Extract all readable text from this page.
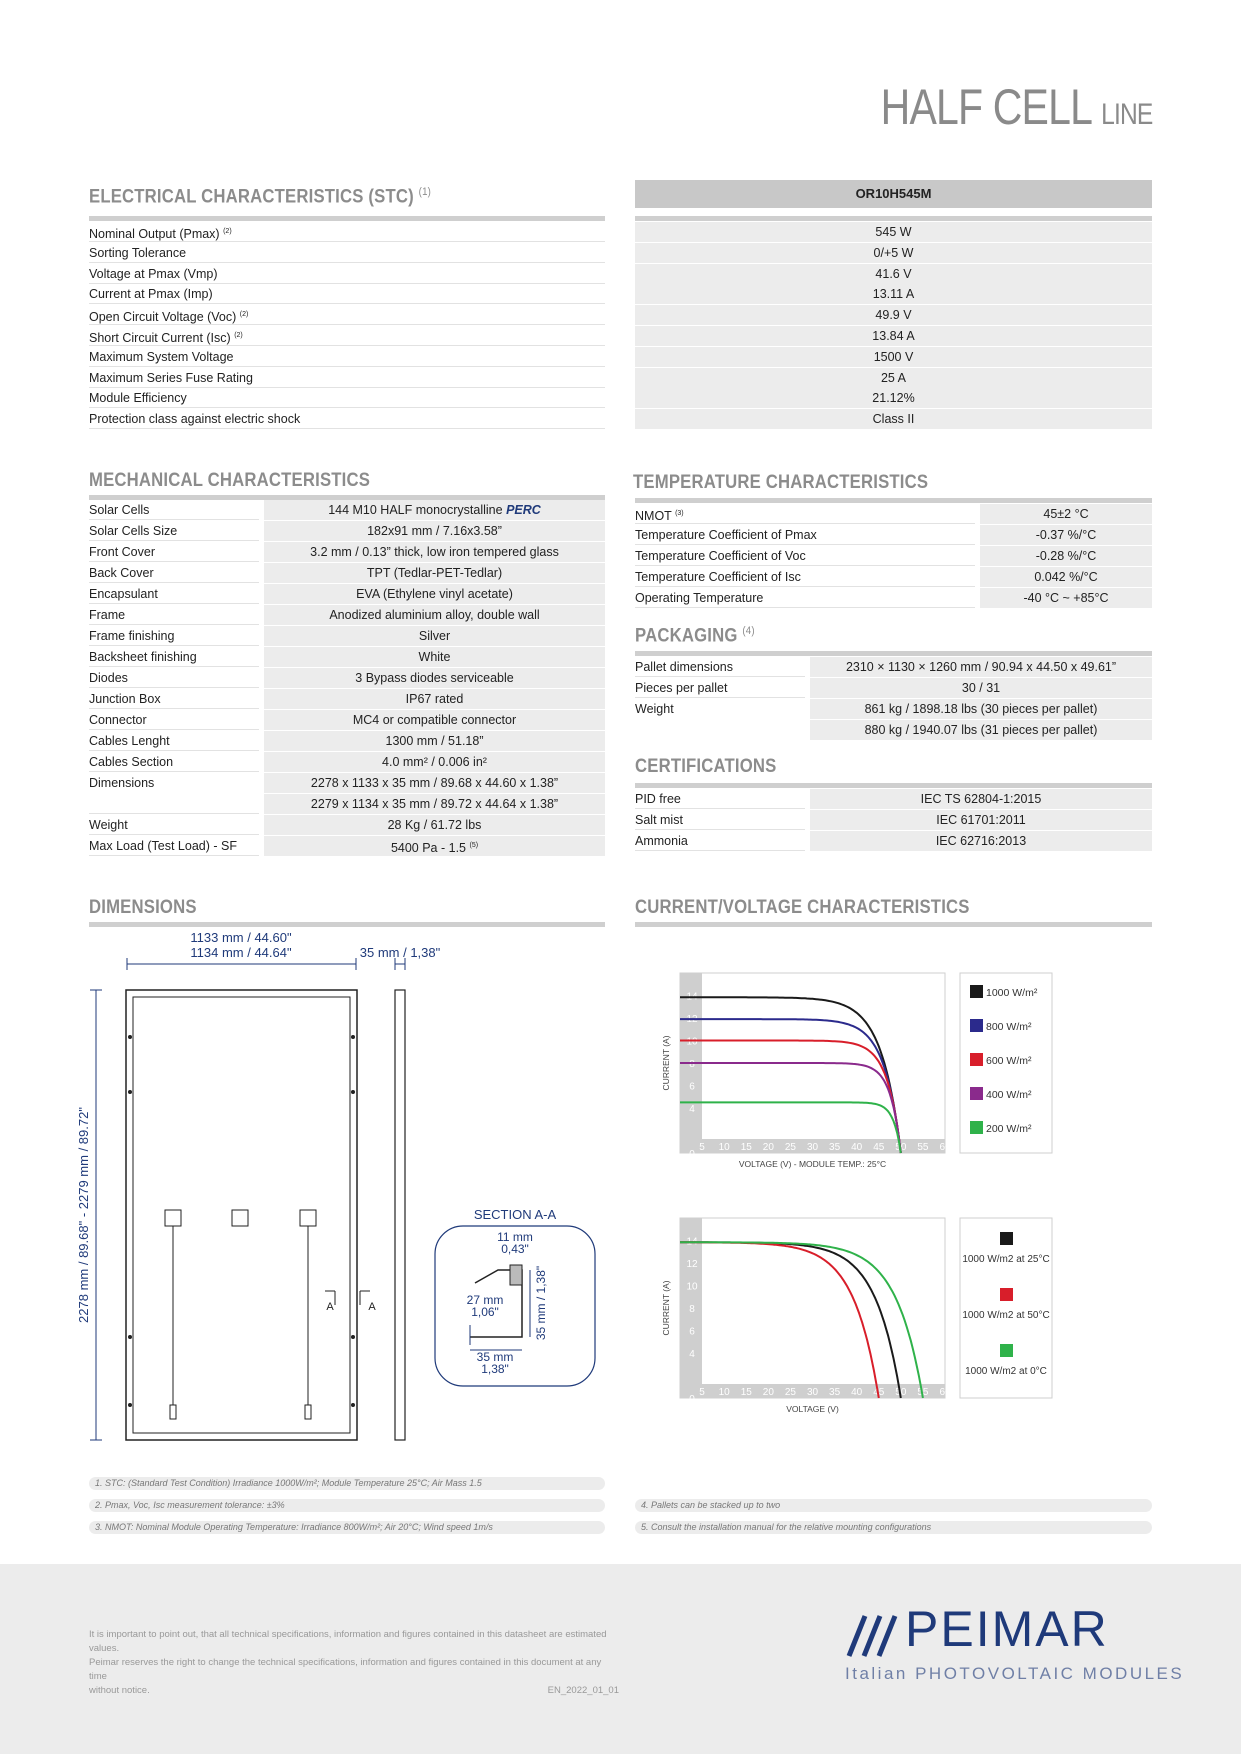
HALF CELL LINE
ELECTRICAL CHARACTERISTICS (STC) $^{(1)}$	OR10H545M
Nominal Output (Pmax) $^{(2)}$	545 W
Sorting Tolerance	0/+5 W
Voltage at Pmax (Vmp)	41.6 V
Current at Pmax (Imp)	13.11 A
Open Circuit Voltage (Voc) $^{(2)}$	49.9 V
Short Circuit Current (Isc) $^{(2)}$	13.84 A
Maximum System Voltage	1500 V
Maximum Series Fuse Rating	25 A
Module Efficiency	21.12%
Protection class against electric shock	Class II
MECHANICAL CHARACTERISTICS
Solar Cells	144 M10 HALF monocrystalline PERC
Solar Cells Size	182x91 mm / 7.16x3.58”
Front Cover	3.2 mm / 0.13” thick, low iron tempered glass
Back Cover	TPT (Tedlar-PET-Tedlar)
Encapsulant	EVA (Ethylene vinyl acetate)
Frame	Anodized aluminium alloy, double wall
Frame finishing	Silver
Backsheet finishing	White
Diodes	3 Bypass diodes serviceable
Junction Box	IP67 rated
Connector	MC4 or compatible connector
Cables Lenght	1300 mm / 51.18”
Cables Section	4.0 mm² / 0.006 in²
Dimensions	2278 x 1133 x 35 mm / 89.68 x 44.60 x 1.38”
2279 x 1134 x 35 mm / 89.72 x 44.64 x 1.38”
Weight	28 Kg / 61.72 lbs
Max Load (Test Load) - SF	5400 Pa - 1.5 $^{(5)}$
TEMPERATURE CHARACTERISTICS
NMOT $^{(3)}$	45±2 °C
Temperature Coefficient of Pmax	-0.37 %/°C
Temperature Coefficient of Voc	-0.28 %/°C
Temperature Coefficient of Isc	0.042 %/°C
Operating Temperature	-40 °C ~ +85°C
PACKAGING $^{(4)}$
Pallet dimensions	2310 × 1130 × 1260 mm / 90.94 x 44.50 x 49.61”
Pieces per pallet	30 / 31
Weight	861 kg / 1898.18 lbs (30 pieces per pallet)
880 kg / 1940.07 lbs (31 pieces per pallet)
CERTIFICATIONS
PID free	IEC TS 62804-1:2015
Salt mist	IEC 61701:2011
Ammonia	IEC 62716:2013
DIMENSIONS
1133 mm / 44.60"
1134 mm / 44.64"	35 mm / 1,38"
2278 mm / 89.68" - 2279 mm / 89.72"	A	A
SECTION A-A
11 mm
0,43"
27 mm
1,06"
35 mm
1,38"
35 mm / 1,38"
CURRENT/VOLTAGE CHARACTERISTICS
0
4
6
8
10
12
14
5 10 15 20 25 30 35 40 45 50 55 60
VOLTAGE (V) - MODULE TEMP.: 25°C
CURRENT (A)
1000 W/m²
800 W/m²
600 W/m²
400 W/m²
200 W/m²
0
4
6
8
10
12
14
5 10 15 20 25 30 35 40 45 50 55 60
VOLTAGE (V)
CURRENT (A)
1000 W/m2 at 25°C
1000 W/m2 at 50°C
1000 W/m2 at 0°C
1. STC: (Standard Test Condition) Irradiance 1000W/m²; Module Temperature 25°C; Air Mass 1.5
2. Pmax, Voc, Isc measurement tolerance: ±3%
3. NMOT: Nominal Module Operating Temperature: Irradiance 800W/m²; Air 20°C; Wind speed 1m/s
4. Pallets can be stacked up to two
5. Consult the installation manual for the relative mounting configurations
It is important to point out, that all technical specifications, information and figures contained in this datasheet are estimated values.
Peimar reserves the right to change the technical specifications, information and figures contained in this document at any time
without notice.	EN_2022_01_01
PEIMAR
Italian PHOTOVOLTAIC MODULES
